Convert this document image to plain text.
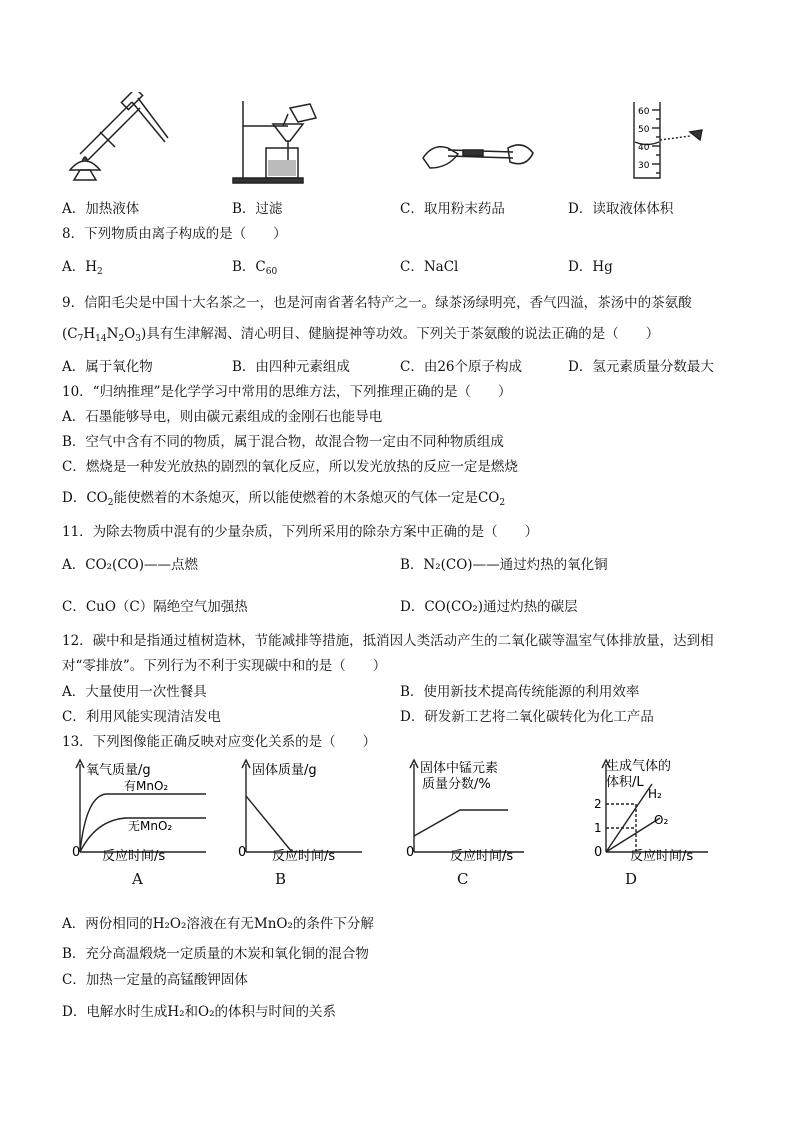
60
50
40
30
A．加热液体	B．过滤	C．取用粉末药品	D．读取液体体积
8．下列物质由离子构成的是（　　）
A．$H_2$	B．$C_{60}$	C．NaCl	D．Hg
9．信阳毛尖是中国十大名茶之一，也是河南省著名特产之一。绿茶汤绿明亮，香气四溢，茶汤中的茶氨酸
$(C_7H_{14}N_2O_3)$具有生津解渴、清心明目、健脑提神等功效。下列关于茶氨酸的说法正确的是（　　）
A．属于氧化物	B．由四种元素组成	C．由26个原子构成	D．氢元素质量分数最大
10．“归纳推理”是化学学习中常用的思维方法，下列推理正确的是（　　）
A．石墨能够导电，则由碳元素组成的金刚石也能导电
B．空气中含有不同的物质，属于混合物，故混合物一定由不同种物质组成
C．燃烧是一种发光放热的剧烈的氧化反应，所以发光放热的反应一定是燃烧
D．$CO_2$能使燃着的木条熄灭，所以能使燃着的木条熄灭的气体一定是$CO_2$
11．为除去物质中混有的少量杂质，下列所采用的除杂方案中正确的是（　　）
A．CO₂(CO)——点燃	B．N₂(CO)——通过灼热的氧化铜
C．CuO（C）隔绝空气加强热	D．CO(CO₂)通过灼热的碳层
12．碳中和是指通过植树造林，节能减排等措施，抵消因人类活动产生的二氧化碳等温室气体排放量，达到相
对“零排放”。下列行为不利于实现碳中和的是（　　）
A．大量使用一次性餐具	B．使用新技术提高传统能源的利用效率
C．利用风能实现清洁发电	D．研发新工艺将二氧化碳转化为化工产品
13．下列图像能正确反映对应变化关系的是（　　）
氧气质量/g
有MnO₂
无MnO₂
0 反应时间/s
A
固体质量/g
0 反应时间/s
B
固体中锰元素
质量分数/%
0	反应时间/s
C
生成气体的
体积/L
2
1
H₂
O₂
0 反应时间/s
D
A．两份相同的H₂O₂溶液在有无MnO₂的条件下分解
B．充分高温煅烧一定质量的木炭和氧化铜的混合物
C．加热一定量的高锰酸钾固体
D．电解水时生成H₂和O₂的体积与时间的关系
